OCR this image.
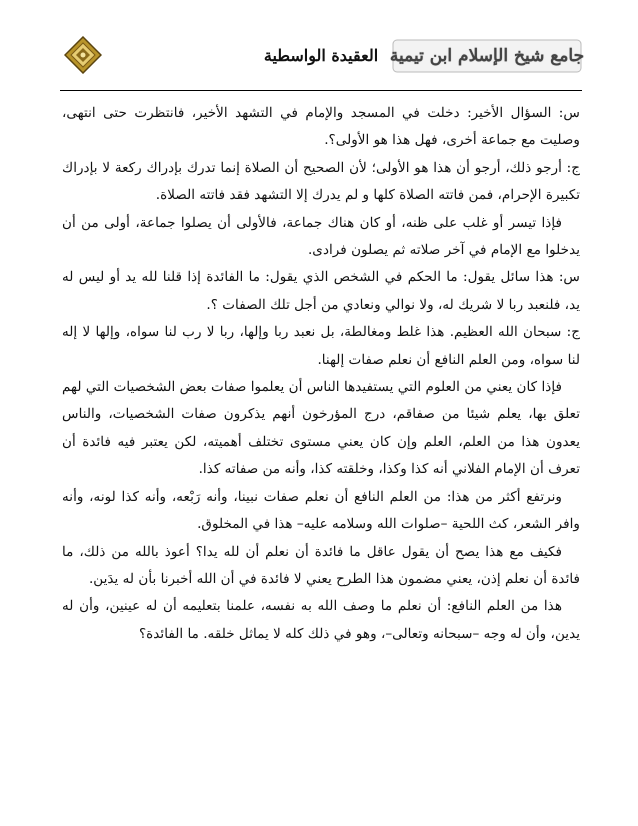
العقيدة الواسطية جامع شيخ الإسلام ابن تيمية

س: السؤال الأخير: دخلت في المسجد والإمام في التشهد الأخير، فانتظرت حتى انتهى، وصليت مع جماعة أخرى، فهل هذا هو الأولى؟.

ج: أرجو ذلك، أرجو أن هذا هو الأولى؛ لأن الصحيح أن الصلاة إنما تدرك بإدراك ركعة لا بإدراك تكبيرة الإحرام، فمن فاتته الصلاة كلها و لم يدرك إلا التشهد فقد فاتته الصلاة.

فإذا تيسر أو غلب على ظنه، أو كان هناك جماعة، فالأولى أن يصلوا جماعة، أولى من أن يدخلوا مع الإمام في آخر صلاته ثم يصلون فرادى.

س: هذا سائل يقول: ما الحكم في الشخص الذي يقول: ما الفائدة إذا قلنا لله يد أو ليس له يد، فلنعبد ربا لا شريك له، ولا نوالي ونعادي من أجل تلك الصفات ؟.

ج: سبحان الله العظيم. هذا غلط ومغالطة، بل نعبد ربا وإلها، ربا لا رب لنا سواه، وإلها لا إله لنا سواه، ومن العلم النافع أن نعلم صفات إلهنا.

فإذا كان يعني من العلوم التي يستفيدها الناس أن يعلموا صفات بعض الشخصيات التي لهم تعلق بها، يعلم شيئا من صفاقم، درج المؤرخون أنهم يذكرون صفات الشخصيات، والناس يعدون هذا من العلم، العلم وإن كان يعني مستوى تختلف أهميته، لكن يعتبر فيه فائدة أن تعرف أن الإمام الفلاني أنه كذا وكذا، وخلقته كذا، وأنه من صفاته كذا.

ونرتفع أكثر من هذا: من العلم النافع أن نعلم صفات نبينا، وأنه رَبْعه، وأنه كذا لونه، وأنه وافر الشعر، كث اللحية –صلوات الله وسلامه عليه– هذا في المخلوق.

فكيف مع هذا يصح أن يقول عاقل ما فائدة أن نعلم أن لله يدا؟ أعوذ بالله من ذلك، ما فائدة أن نعلم إذن، يعني مضمون هذا الطرح يعني لا فائدة في أن الله أخبرنا بأن له يدَين.

هذا من العلم النافع: أن نعلم ما وصف الله به نفسه، علمنا بتعليمه أن له عينين، وأن له يدين، وأن له وجه –سبحانه وتعالى–، وهو في ذلك كله لا يماثل خلقه. ما الفائدة؟
